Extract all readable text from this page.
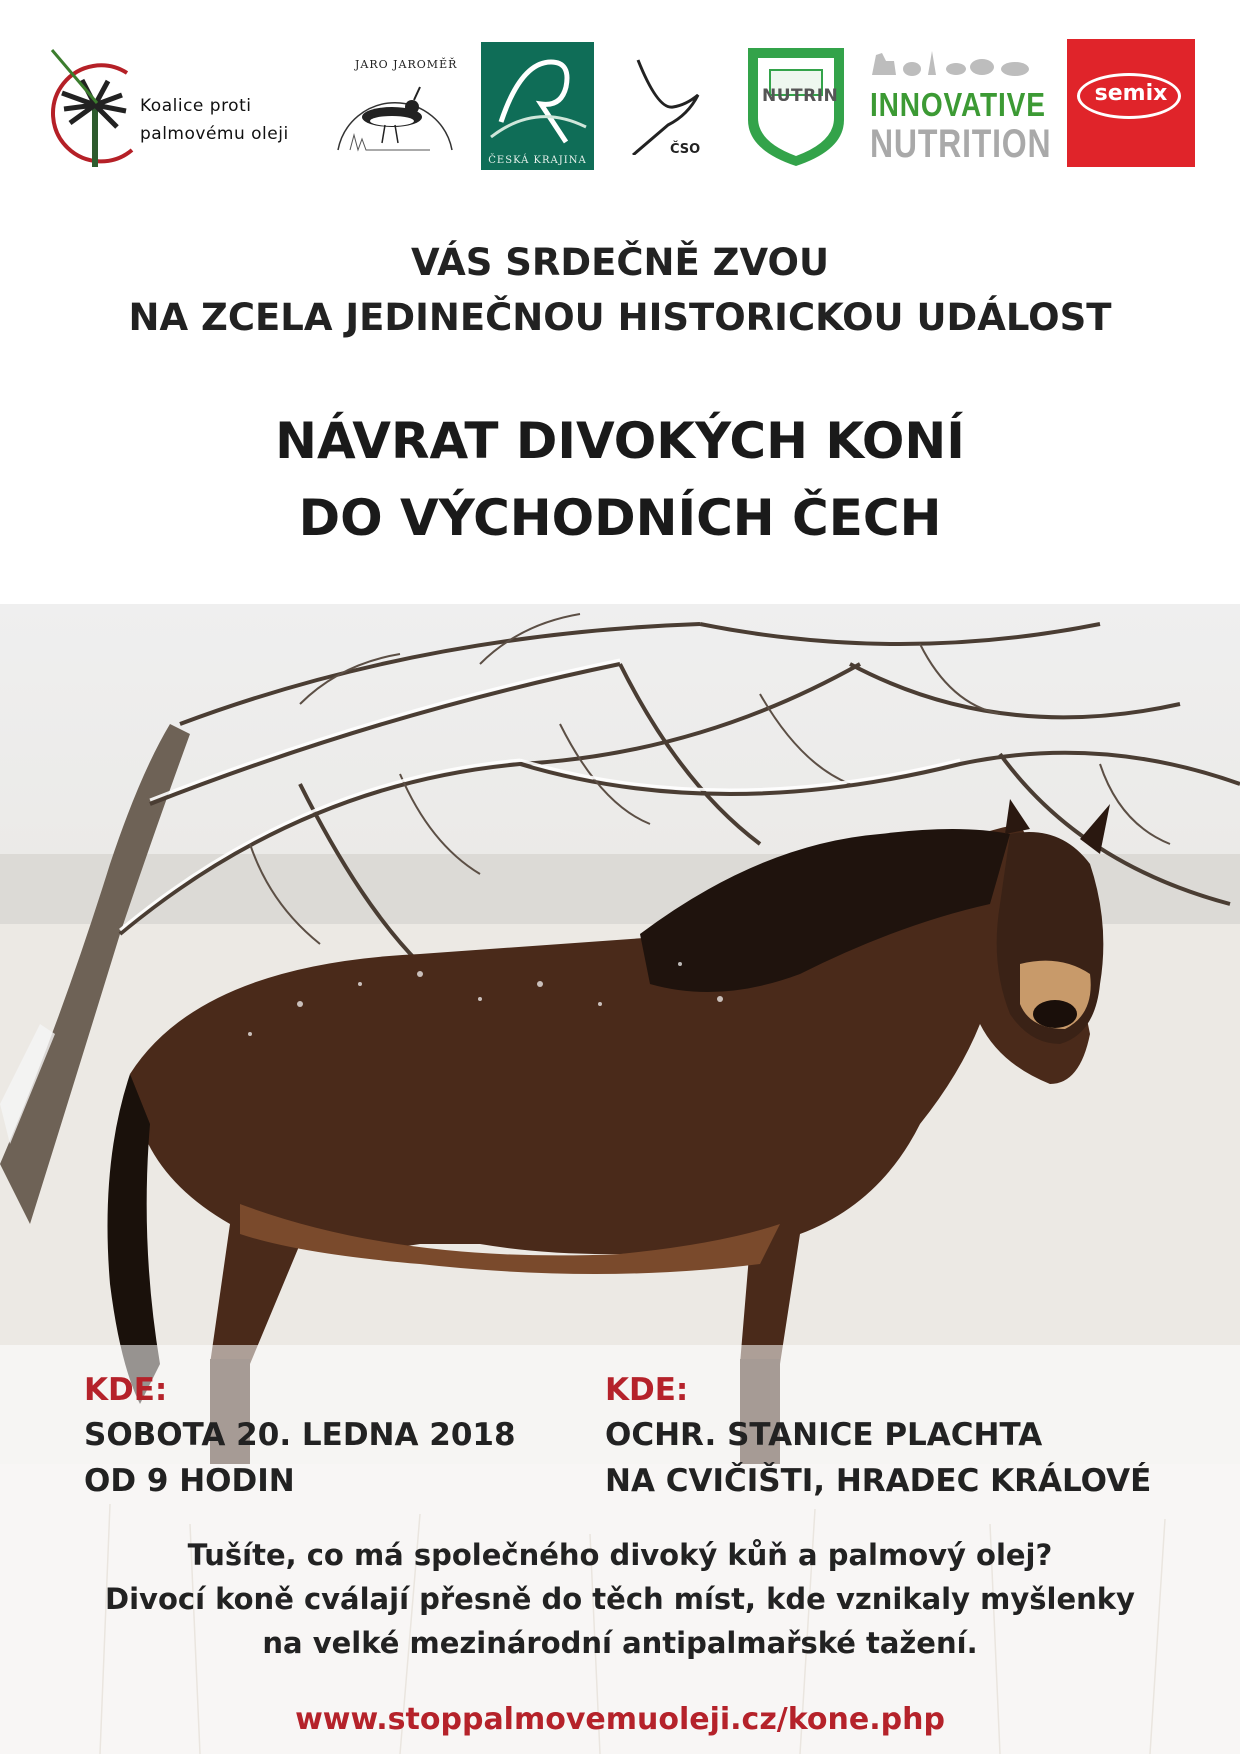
Koalice proti
palmovému oleji
JARO JAROMĚŘ
ČESKÁ KRAJINA
ČSO
NUTRIN INNOVATIVE
NUTRITION
semix
VÁS SRDEČNĚ ZVOU
NA ZCELA JEDINEČNOU HISTORICKOU UDÁLOST
NÁVRAT DIVOKÝCH KONÍ
DO VÝCHODNÍCH ČECH
KDE:
SOBOTA 20. LEDNA 2018
OD 9 HODIN
KDE:
OCHR. STANICE PLACHTA
NA CVIČIŠTI, HRADEC KRÁLOVÉ
Tušíte, co má společného divoký kůň a palmový olej?
Divocí koně cválají přesně do těch míst, kde vznikaly myšlenky
na velké mezinárodní antipalmařské tažení.
www.stoppalmovemuoleji.cz/kone.php
